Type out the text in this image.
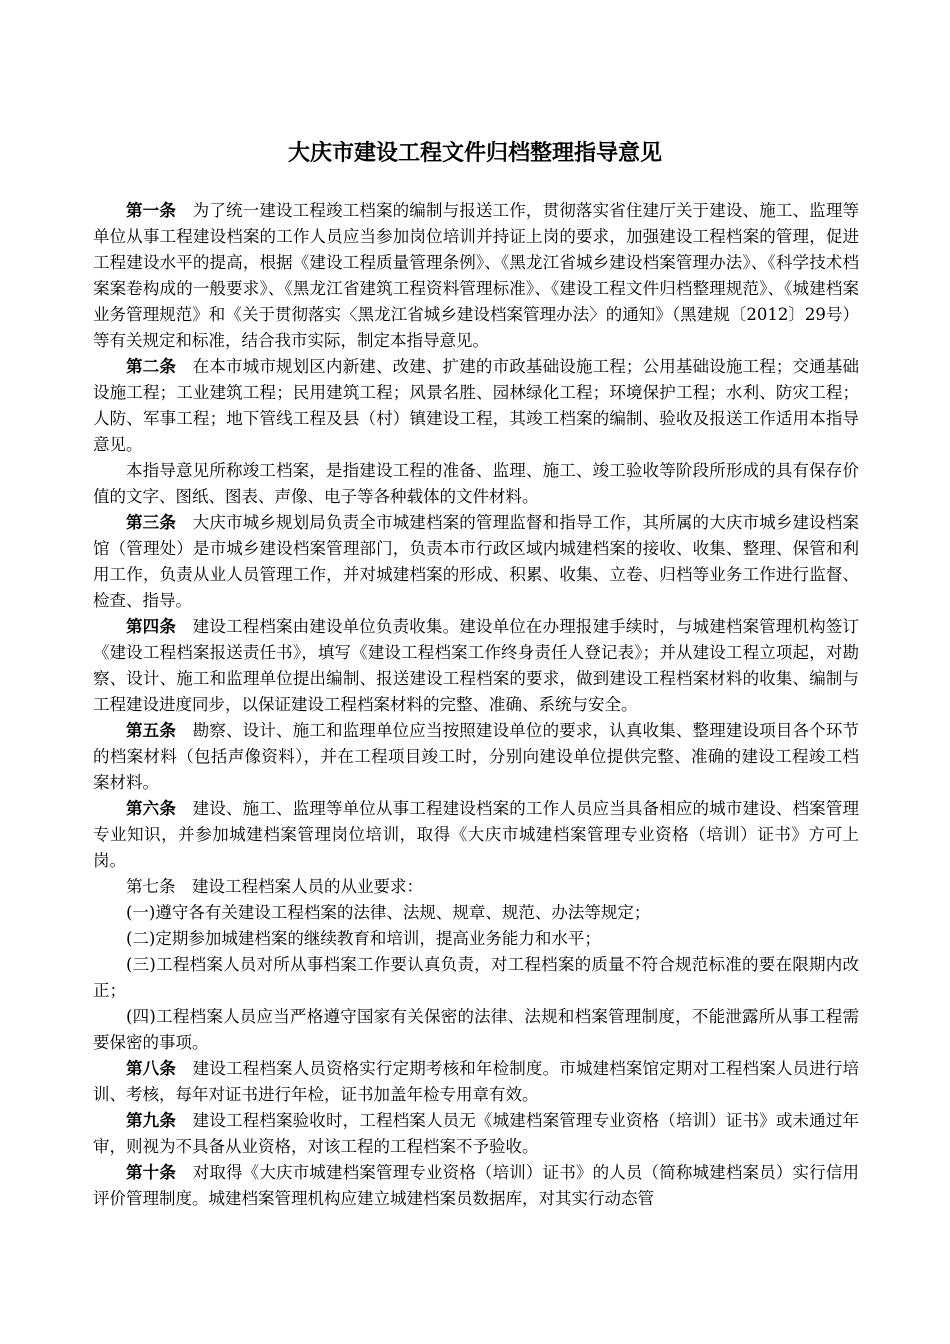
大庆市建设工程文件归档整理指导意见

第一条 为了统一建设工程竣工档案的编制与报送工作，贯彻落实省住建厅关于建设、施工、监理等单位从事工程建设档案的工作人员应当参加岗位培训并持证上岗的要求，加强建设工程档案的管理，促进工程建设水平的提高，根据《建设工程质量管理条例》、《黑龙江省城乡建设档案管理办法》、《科学技术档案案卷构成的一般要求》、《黑龙江省建筑工程资料管理标准》、《建设工程文件归档整理规范》、《城建档案业务管理规范》和《关于贯彻落实〈黑龙江省城乡建设档案管理办法〉的通知》（黑建规〔2012〕29号）等有关规定和标准，结合我市实际，制定本指导意见。

第二条 在本市城市规划区内新建、改建、扩建的市政基础设施工程；公用基础设施工程；交通基础设施工程；工业建筑工程；民用建筑工程；风景名胜、园林绿化工程；环境保护工程；水利、防灾工程；人防、军事工程；地下管线工程及县（村）镇建设工程，其竣工档案的编制、验收及报送工作适用本指导意见。

本指导意见所称竣工档案，是指建设工程的准备、监理、施工、竣工验收等阶段所形成的具有保存价值的文字、图纸、图表、声像、电子等各种载体的文件材料。

第三条 大庆市城乡规划局负责全市城建档案的管理监督和指导工作，其所属的大庆市城乡建设档案馆（管理处）是市城乡建设档案管理部门，负责本市行政区域内城建档案的接收、收集、整理、保管和利用工作，负责从业人员管理工作，并对城建档案的形成、积累、收集、立卷、归档等业务工作进行监督、检查、指导。

第四条 建设工程档案由建设单位负责收集。建设单位在办理报建手续时，与城建档案管理机构签订《建设工程档案报送责任书》，填写《建设工程档案工作终身责任人登记表》；并从建设工程立项起，对勘察、设计、施工和监理单位提出编制、报送建设工程档案的要求，做到建设工程档案材料的收集、编制与工程建设进度同步，以保证建设工程档案材料的完整、准确、系统与安全。

第五条 勘察、设计、施工和监理单位应当按照建设单位的要求，认真收集、整理建设项目各个环节的档案材料（包括声像资料），并在工程项目竣工时，分别向建设单位提供完整、准确的建设工程竣工档案材料。

第六条 建设、施工、监理等单位从事工程建设档案的工作人员应当具备相应的城市建设、档案管理专业知识，并参加城建档案管理岗位培训，取得《大庆市城建档案管理专业资格（培训）证书》方可上岗。

第七条 建设工程档案人员的从业要求：

(一)遵守各有关建设工程档案的法律、法规、规章、规范、办法等规定；

(二)定期参加城建档案的继续教育和培训，提高业务能力和水平；

(三)工程档案人员对所从事档案工作要认真负责，对工程档案的质量不符合规范标准的要在限期内改正；

(四)工程档案人员应当严格遵守国家有关保密的法律、法规和档案管理制度，不能泄露所从事工程需要保密的事项。

第八条 建设工程档案人员资格实行定期考核和年检制度。市城建档案馆定期对工程档案人员进行培训、考核，每年对证书进行年检，证书加盖年检专用章有效。

第九条 建设工程档案验收时，工程档案人员无《城建档案管理专业资格（培训）证书》或未通过年审，则视为不具备从业资格，对该工程的工程档案不予验收。

第十条 对取得《大庆市城建档案管理专业资格（培训）证书》的人员（简称城建档案员）实行信用评价管理制度。城建档案管理机构应建立城建档案员数据库，对其实行动态管
